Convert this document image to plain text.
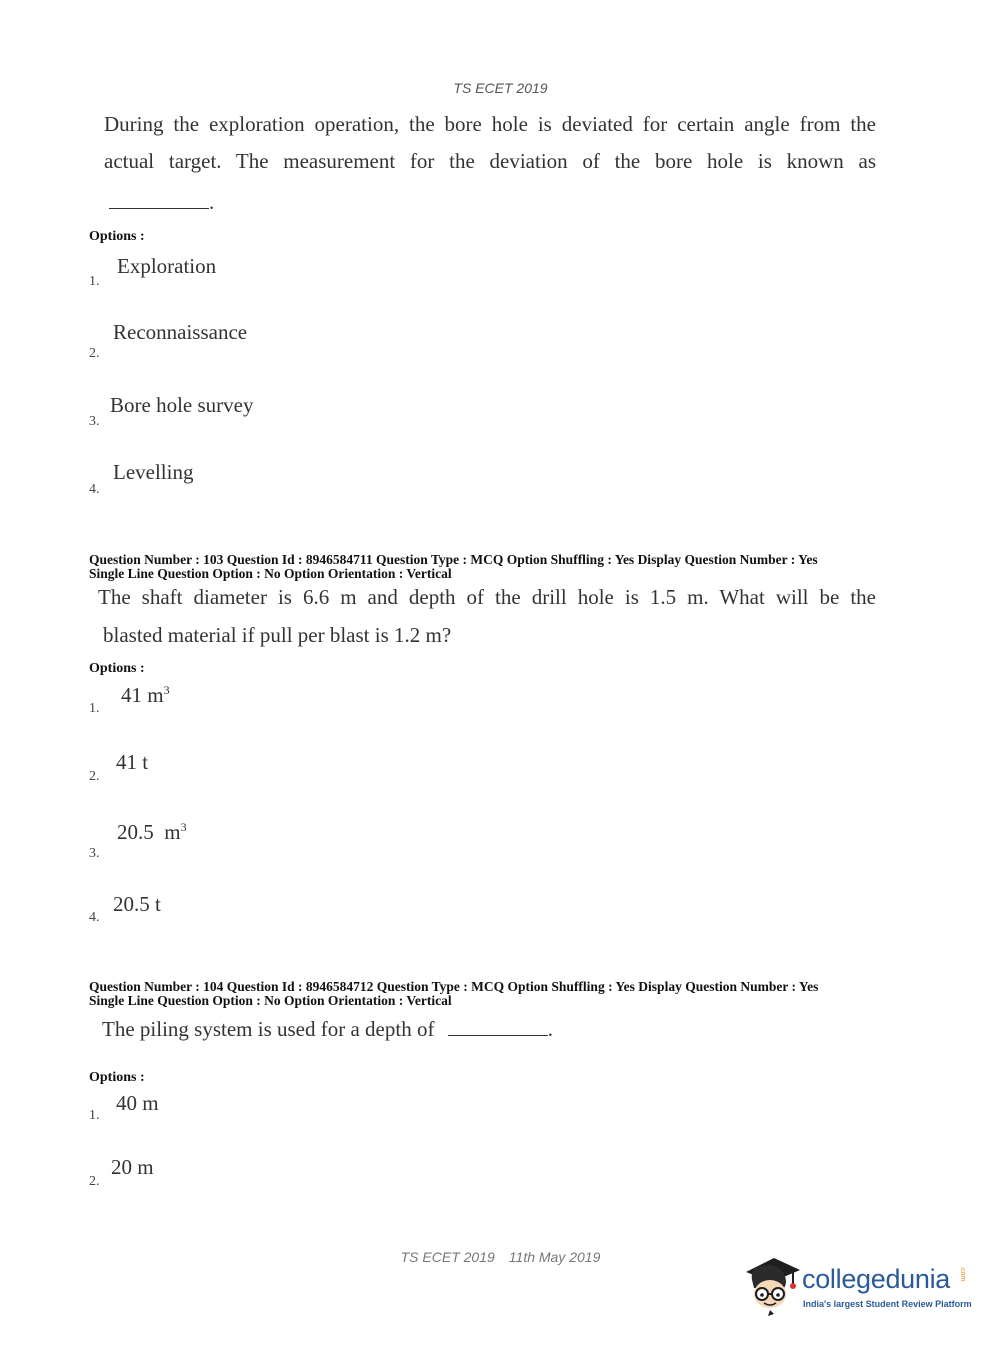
TS ECET 2019
During the exploration operation, the bore hole is deviated for certain angle from the
actual target. The measurement for the deviation of the bore hole is known as
.
Options :
Exploration
1.
Reconnaissance
2.
Bore hole survey
3.
Levelling
4.
Question Number : 103 Question Id : 8946584711 Question Type : MCQ Option Shuffling : Yes Display Question Number : Yes
Single Line Question Option : No Option Orientation : Vertical
The shaft diameter is 6.6 m and depth of the drill hole is 1.5 m. What will be the
blasted material if pull per blast is 1.2 m?
Options :
41 $m^3$
1.
41 t
2.
20.5  $m^3$
3.
20.5 t
4.
Question Number : 104 Question Id : 8946584712 Question Type : MCQ Option Shuffling : Yes Display Question Number : Yes
Single Line Question Option : No Option Orientation : Vertical
The piling system is used for a depth of	.
Options :
40 m
1.
20 m
2.
TS ECET 2019 11th May 2019
collegedunia .com
India's largest Student Review Platform
